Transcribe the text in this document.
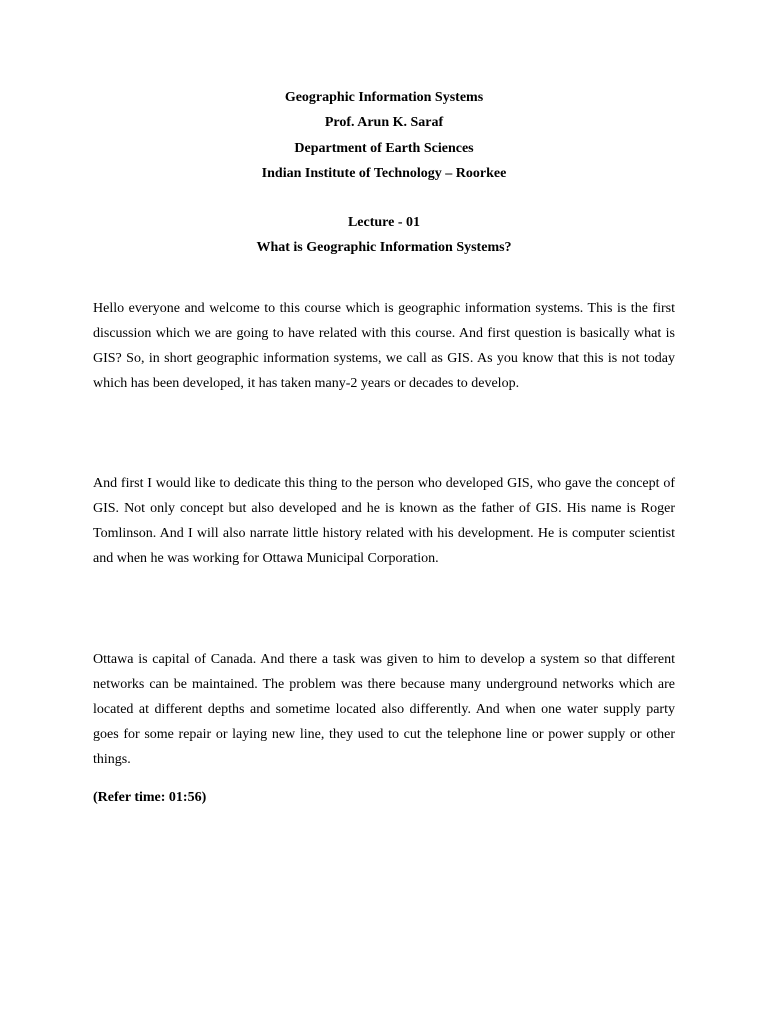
Geographic Information Systems
Prof. Arun K. Saraf
Department of Earth Sciences
Indian Institute of Technology – Roorkee
Lecture - 01
What is Geographic Information Systems?

Hello everyone and welcome to this course which is geographic information systems. This is the first discussion which we are going to have related with this course. And first question is basically what is GIS? So, in short geographic information systems, we call as GIS. As you know that this is not today which has been developed, it has taken many-2 years or decades to develop.

And first I would like to dedicate this thing to the person who developed GIS, who gave the concept of GIS. Not only concept but also developed and he is known as the father of GIS. His name is Roger Tomlinson. And I will also narrate little history related with his development. He is computer scientist and when he was working for Ottawa Municipal Corporation.

Ottawa is capital of Canada. And there a task was given to him to develop a system so that different networks can be maintained. The problem was there because many underground networks which are located at different depths and sometime located also differently. And when one water supply party goes for some repair or laying new line, they used to cut the telephone line or power supply or other things.

(Refer time: 01:56)
